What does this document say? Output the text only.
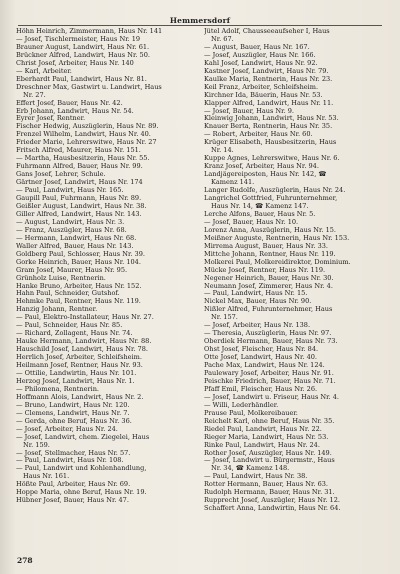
Hemmersdorf
Höhn Heinrich, Zimmermann, Haus Nr. 141
— Josef, Tischlermeister, Haus Nr. 19
Brauner August, Landwirt, Haus Nr. 61.
Brückner Alfred, Landwirt, Haus Nr. 50.
Christ Josef, Arbeiter, Haus Nr. 140
— Karl, Arbeiter.
Eberhardt Paul, Landwirt, Haus Nr. 81.
Dreschner Max, Gastwirt u. Landwirt, Haus
Nr. 27.
Effert Josef, Bauer, Haus Nr. 42.
Erb Johann, Landwirt, Haus Nr. 54.
Eyrer Josef, Rentner.
Fischer Hedwig, Auszüglerin, Haus Nr. 89.
Frenzel Wilhelm, Landwirt, Haus Nr. 40.
Frieder Marie, Lehrerswitwe, Haus Nr. 27
Fritsch Alfred, Maurer, Haus Nr. 151.
— Martha, Hausbesitzerin, Haus Nr. 55.
Fuhrmann Alfred, Bauer, Haus Nr. 99.
Gans Josef, Lehrer, Schule.
Gärtner Josef, Landwirt, Haus Nr. 174
— Paul, Landwirt, Haus Nr. 165.
Gaupill Paul, Fuhrmann, Haus Nr. 89.
Geißler August, Landwirt, Haus Nr. 38.
Giller Alfred, Landwirt, Haus Nr. 143.
— August, Landwirt, Haus Nr. 3.
— Franz, Auszügler, Haus Nr. 68.
— Hermann, Landwirt, Haus Nr. 68.
Waller Alfred, Bauer, Haus Nr. 143.
Goldberg Paul, Schlosser, Haus Nr. 39.
Gorke Heinrich, Bauer, Haus Nr. 104.
Gram Josef, Maurer, Haus Nr. 95.
Grünholz Luise, Rentnerin.
Hanke Bruno, Arbeiter, Haus Nr. 152.
Hahn Paul, Schneider, Gutshof.
Hehmke Paul, Rentner, Haus Nr. 119.
Hanzig Johann, Rentner.
— Paul, Elektro-Installateur, Haus Nr. 27.
— Paul, Schneider, Haus Nr. 85.
— Richard, Zollagent, Haus Nr. 74.
Hauke Hermann, Landwirt, Haus Nr. 88.
Hauschild Josef, Landwirt, Haus Nr. 78.
Herrlich Josef, Arbeiter, Schleifsheim.
Heilmann Josef, Rentner, Haus Nr. 93.
— Ottilie, Landwirtin, Haus Nr. 101.
Herzog Josef, Landwirt, Haus Nr. 1.
— Philomena, Rentnerin.
Hoffmann Alois, Landwirt, Haus Nr. 2.
— Bruno, Landwirt, Haus Nr. 120.
— Clemens, Landwirt, Haus Nr. 7.
— Gerda, ohne Beruf, Haus Nr. 36.
— Josef, Arbeiter, Haus Nr. 24.
— Josef, Landwirt, chem. Ziegelei, Haus
Nr. 159.
— Josef, Stellmacher, Haus Nr. 57.
— Paul, Landwirt, Haus Nr. 108.
— Paul, Landwirt und Kohlenhandlung,
Haus Nr. 161.
Hößte Paul, Arbeiter, Haus Nr. 69.
Hoppe Maria, ohne Beruf, Haus Nr. 19.
Hübner Josef, Bauer, Haus Nr. 47.
Jütel Adolf, Chausseeaufseher I, Haus
Nr. 67.
— August, Bauer, Haus Nr. 167.
— Josef, Auszügler, Haus Nr. 166.
Kahl Josef, Landwirt, Haus Nr. 92.
Kastner Josef, Landwirt, Haus Nr. 79.
Kaulke Maria, Rentnerin, Haus Nr. 23.
Keil Franz, Arbeiter, Schleifsheim.
Kirchner Ida, Bäuerin, Haus Nr. 53.
Klapper Alfred, Landwirt, Haus Nr. 11.
— Josef, Bauer, Haus Nr. 9.
Kleinwig Johann, Landwirt, Haus Nr. 53.
Knauer Berta, Rentnerin, Haus Nr. 35.
— Robert, Arbeiter, Haus Nr. 60.
Krüger Elisabeth, Hausbesitzerin, Haus
Nr. 14.
Kuppe Agnes, Lehrerswitwe, Haus Nr. 6.
Kranz Josef, Arbeiter, Haus Nr. 94.
Landjägereiposten, Haus Nr. 142, ☎
Kamenz 141.
Langer Rudolfe, Auszüglerin, Haus Nr. 24.
Langrichel Gottfried, Fuhrunternehmer,
Haus Nr. 14, ☎ Kamenz 147.
Lerche Alfons, Bauer, Haus Nr. 5.
— Josef, Bauer, Haus Nr. 10.
Lorenz Anna, Auszüglerin, Haus Nr. 15.
Meißner Auguste, Rentnerin, Haus Nr. 153.
Mirrema August, Bauer, Haus Nr. 33.
Mittche Johann, Rentner, Haus Nr. 119.
Molkerei Paul, Molkereidirektor, Dominium.
Mücke Josef, Rentner, Haus Nr. 119.
Negener Heinrich, Bauer, Haus Nr. 30.
Neumann Josef, Zimmerer, Haus Nr. 4.
— Paul, Landwirt, Haus Nr. 15.
Nickel Max, Bauer, Haus Nr. 90.
Nißler Alfred, Fuhrunternehmer, Haus
Nr. 157.
— Josef, Arbeiter, Haus Nr. 138.
— Theresia, Auszüglerin, Haus Nr. 97.
Oberdiek Hermann, Bauer, Haus Nr. 73.
Ohst Josef, Fleischer, Haus Nr. 84.
Otte Josef, Landwirt, Haus Nr. 40.
Pache Max, Landwirt, Haus Nr. 124.
Paulewary Josef, Arbeiter, Haus Nr. 91.
Peischke Friedrich, Bauer, Haus Nr. 71.
Pfaff Emil, Fleischer, Haus Nr. 26.
— Josef, Landwirt u. Friseur, Haus Nr. 4.
— Willi, Lederhändler.
Prause Paul, Molkereibauer.
Reichelt Karl, ohne Beruf, Haus Nr. 35.
Riedel Paul, Landwirt, Haus Nr. 22.
Rieger Maria, Landwirt, Haus Nr. 53.
Rinke Paul, Landwirt, Haus Nr. 24.
Rother Josef, Auszügler, Haus Nr. 149.
— Josef, Landwirt u. Bürgermstr., Haus
Nr. 34, ☎ Kamenz 148.
— Paul, Landwirt, Haus Nr. 38.
Rotter Hermann, Bauer, Haus Nr. 63.
Rudolph Hermann, Bauer, Haus Nr. 31.
Rupprecht Josef, Auszügler, Haus Nr. 12.
Schaffert Anna, Landwirtin, Haus Nr. 64.
278
